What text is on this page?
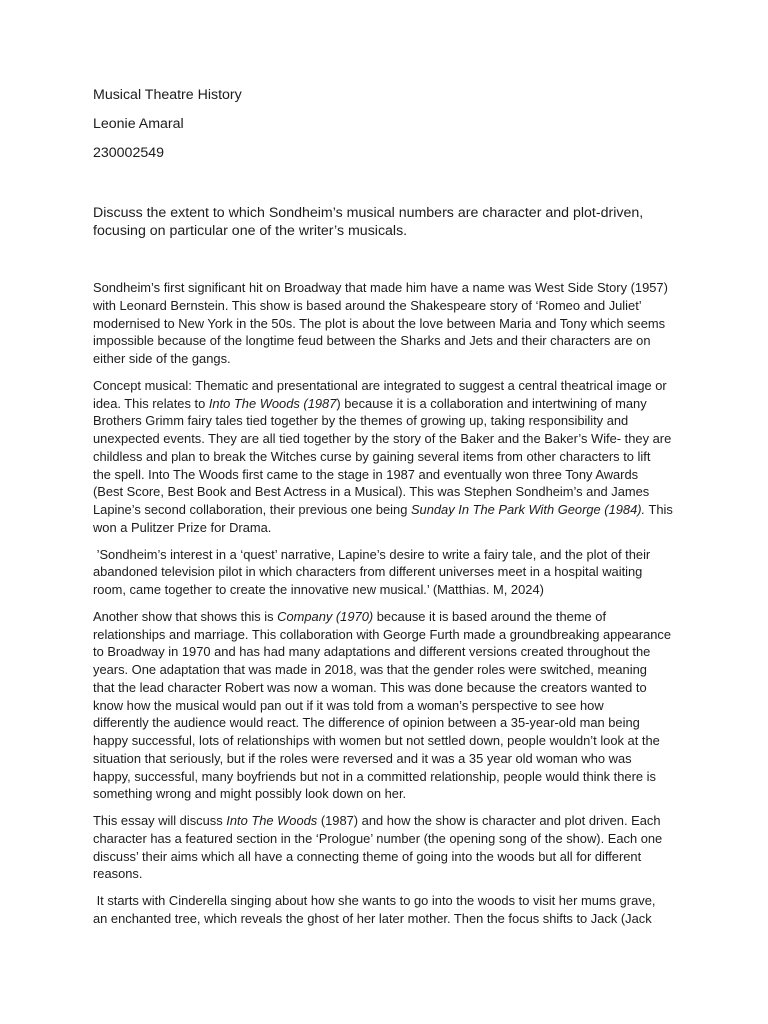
Musical Theatre History
Leonie Amaral
230002549
Discuss the extent to which Sondheim’s musical numbers are character and plot-driven,
focusing on particular one of the writer’s musicals.
Sondheim’s first significant hit on Broadway that made him have a name was West Side Story (1957)
with Leonard Bernstein. This show is based around the Shakespeare story of ‘Romeo and Juliet’
modernised to New York in the 50s. The plot is about the love between Maria and Tony which seems
impossible because of the longtime feud between the Sharks and Jets and their characters are on
either side of the gangs.
Concept musical: Thematic and presentational are integrated to suggest a central theatrical image or
idea. This relates to Into The Woods (1987) because it is a collaboration and intertwining of many
Brothers Grimm fairy tales tied together by the themes of growing up, taking responsibility and
unexpected events. They are all tied together by the story of the Baker and the Baker’s Wife- they are
childless and plan to break the Witches curse by gaining several items from other characters to lift
the spell. Into The Woods first came to the stage in 1987 and eventually won three Tony Awards
(Best Score, Best Book and Best Actress in a Musical). This was Stephen Sondheim’s and James
Lapine’s second collaboration, their previous one being Sunday In The Park With George (1984). This
won a Pulitzer Prize for Drama.
’Sondheim’s interest in a ‘quest’ narrative, Lapine’s desire to write a fairy tale, and the plot of their
abandoned television pilot in which characters from different universes meet in a hospital waiting
room, came together to create the innovative new musical.’ (Matthias. M, 2024)
Another show that shows this is Company (1970) because it is based around the theme of
relationships and marriage. This collaboration with George Furth made a groundbreaking appearance
to Broadway in 1970 and has had many adaptations and different versions created throughout the
years. One adaptation that was made in 2018, was that the gender roles were switched, meaning
that the lead character Robert was now a woman. This was done because the creators wanted to
know how the musical would pan out if it was told from a woman’s perspective to see how
differently the audience would react. The difference of opinion between a 35-year-old man being
happy successful, lots of relationships with women but not settled down, people wouldn’t look at the
situation that seriously, but if the roles were reversed and it was a 35 year old woman who was
happy, successful, many boyfriends but not in a committed relationship, people would think there is
something wrong and might possibly look down on her.
This essay will discuss Into The Woods (1987) and how the show is character and plot driven. Each
character has a featured section in the ‘Prologue’ number (the opening song of the show). Each one
discuss’ their aims which all have a connecting theme of going into the woods but all for different
reasons.
It starts with Cinderella singing about how she wants to go into the woods to visit her mums grave,
an enchanted tree, which reveals the ghost of her later mother. Then the focus shifts to Jack (Jack
